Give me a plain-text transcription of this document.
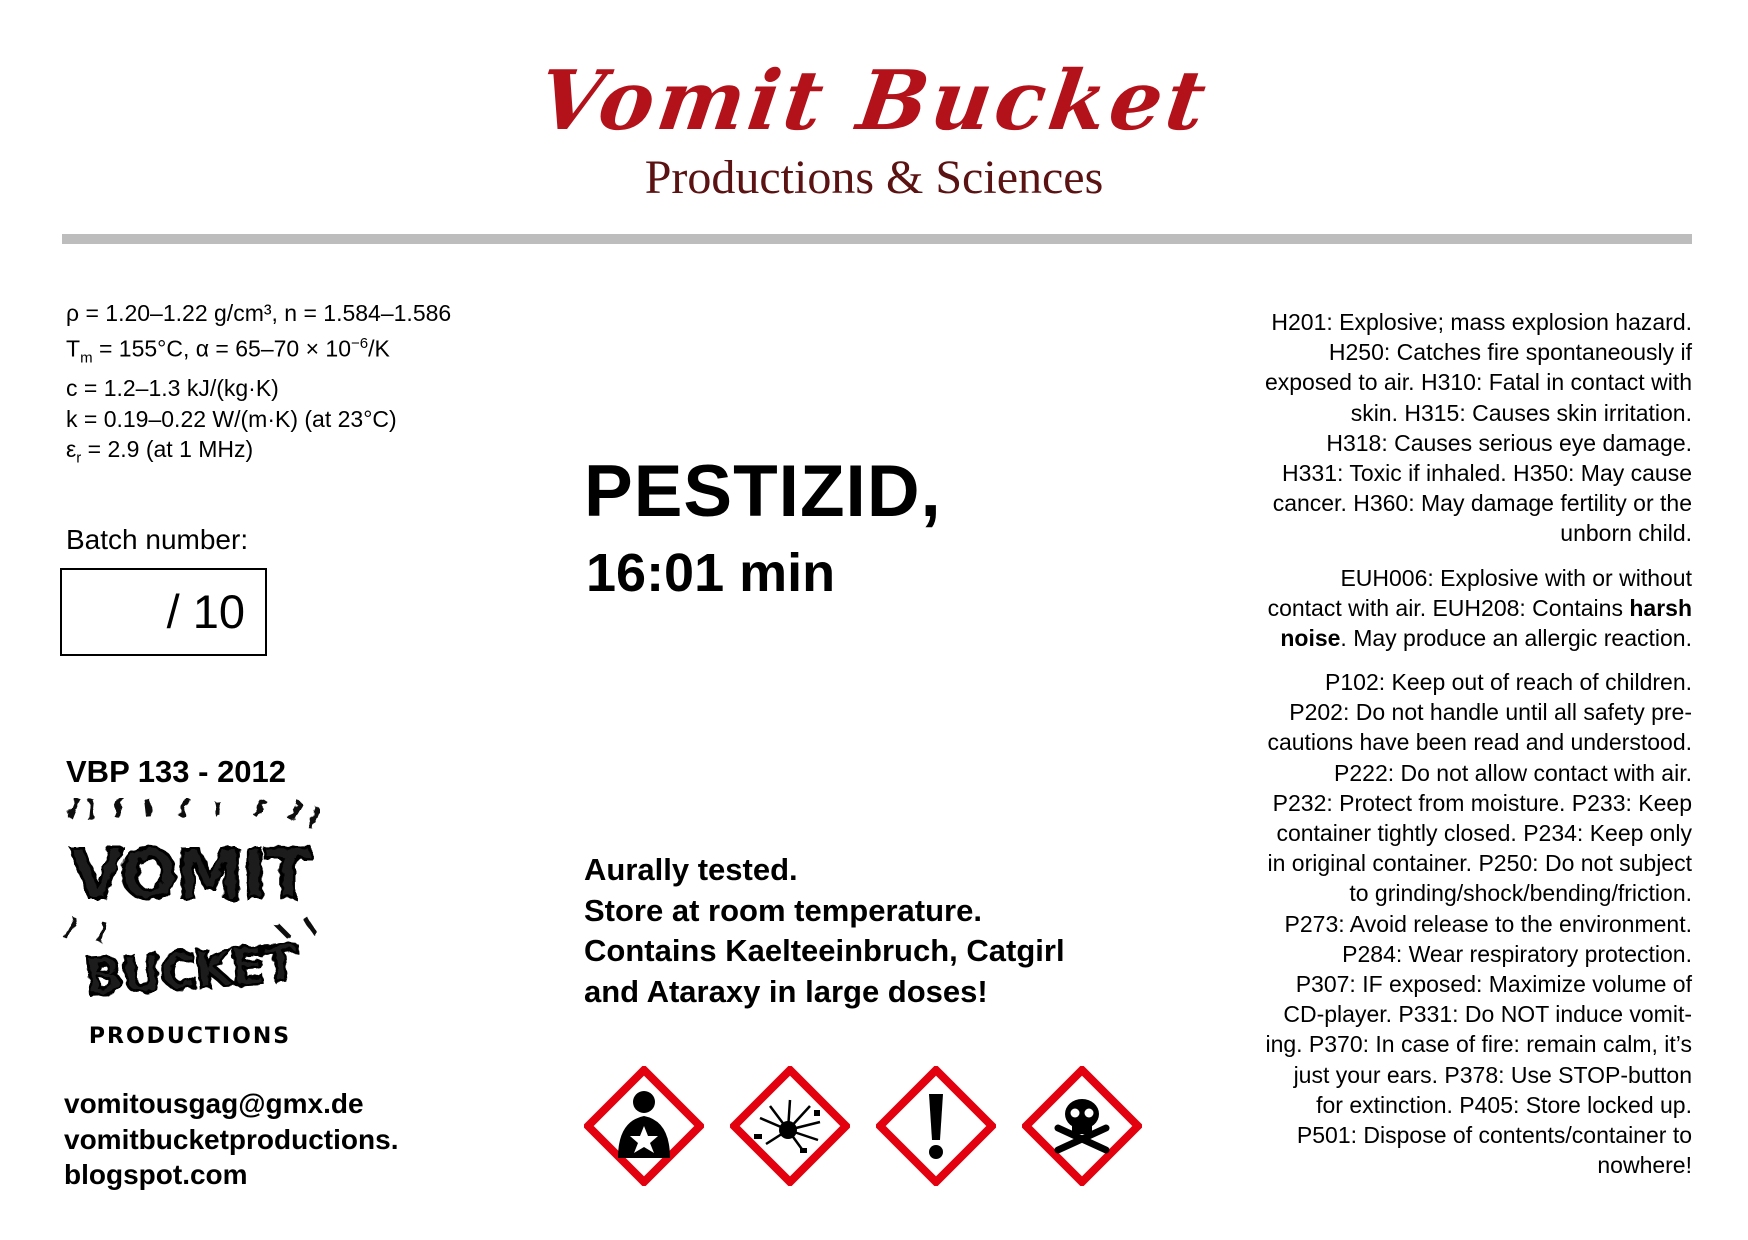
Vomit Bucket
Productions & Sciences
ρ = 1.20–1.22 g/cm³, n = 1.584–1.586
$T_m = 155^\circ C$, $\alpha = 65-70 \times 10^{-6}/K$
c = 1.2–1.3 kJ/(kg·K)
k = 0.19–0.22 W/(m·K) (at 23°C)
$\varepsilon_r = 2.9$ (at 1 MHz)
Batch number:
/ 10
VBP 133 - 2012
VOMIT
BUCKET
PRODUCTIONS
vomitousgag@gmx.de
vomitbucketproductions.
blogspot.com
PESTIZID,
16:01 min
Aurally tested.
Store at room temperature.
Contains Kaelteeinbruch, Catgirl
and Ataraxy in large doses!
H201: Explosive; mass explosion hazard.
H250: Catches fire spontaneously if
exposed to air. H310: Fatal in contact with
skin. H315: Causes skin irritation.
H318: Causes serious eye damage.
H331: Toxic if inhaled. H350: May cause
cancer. H360: May damage fertility or the
unborn child.
EUH006: Explosive with or without
contact with air. EUH208: Contains harsh
noise. May produce an allergic reaction.
P102: Keep out of reach of children.
P202: Do not handle until all safety pre-
cautions have been read and understood.
P222: Do not allow contact with air.
P232: Protect from moisture. P233: Keep
container tightly closed. P234: Keep only
in original container. P250: Do not subject
to grinding/shock/bending/friction.
P273: Avoid release to the environment.
P284: Wear respiratory protection.
P307: IF exposed: Maximize volume of
CD-player. P331: Do NOT induce vomit-
ing. P370: In case of fire: remain calm, it’s
just your ears. P378: Use STOP-button
for extinction. P405: Store locked up.
P501: Dispose of contents/container to
nowhere!
